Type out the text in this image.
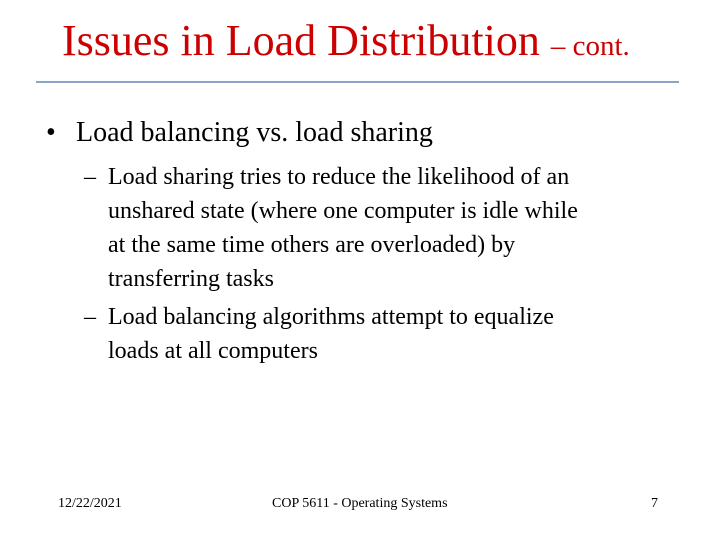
Issues in Load Distribution – cont.
• Load balancing vs. load sharing
– Load sharing tries to reduce the likelihood of an
unshared state (where one computer is idle while
at the same time others are overloaded) by
transferring tasks
– Load balancing algorithms attempt to equalize
loads at all computers
12/22/2021	COP 5611 - Operating Systems	7
